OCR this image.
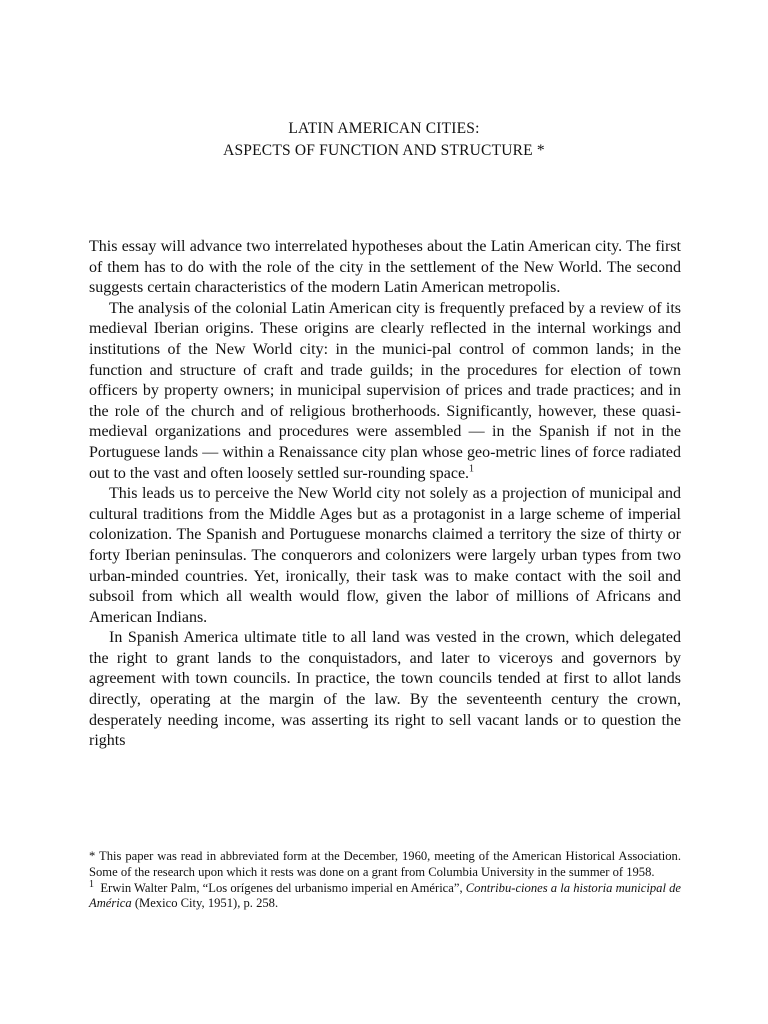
LATIN AMERICAN CITIES:
ASPECTS OF FUNCTION AND STRUCTURE *

This essay will advance two interrelated hypotheses about the Latin American city. The first of them has to do with the role of the city in the settlement of the New World. The second suggests certain characteristics of the modern Latin American metropolis.

The analysis of the colonial Latin American city is frequently prefaced by a review of its medieval Iberian origins. These origins are clearly reflected in the internal workings and institutions of the New World city: in the munici-pal control of common lands; in the function and structure of craft and trade guilds; in the procedures for election of town officers by property owners; in municipal supervision of prices and trade practices; and in the role of the church and of religious brotherhoods. Significantly, however, these quasi-medieval organizations and procedures were assembled — in the Spanish if not in the Portuguese lands — within a Renaissance city plan whose geo-metric lines of force radiated out to the vast and often loosely settled sur-rounding space.$^1$

This leads us to perceive the New World city not solely as a projection of municipal and cultural traditions from the Middle Ages but as a protagonist in a large scheme of imperial colonization. The Spanish and Portuguese monarchs claimed a territory the size of thirty or forty Iberian peninsulas. The conquerors and colonizers were largely urban types from two urban-minded countries. Yet, ironically, their task was to make contact with the soil and subsoil from which all wealth would flow, given the labor of millions of Africans and American Indians.

In Spanish America ultimate title to all land was vested in the crown, which delegated the right to grant lands to the conquistadors, and later to viceroys and governors by agreement with town councils. In practice, the town councils tended at first to allot lands directly, operating at the margin of the law. By the seventeenth century the crown, desperately needing income, was asserting its right to sell vacant lands or to question the rights

* This paper was read in abbreviated form at the December, 1960, meeting of the American Historical Association. Some of the research upon which it rests was done on a grant from Columbia University in the summer of 1958.

$^1$ Erwin Walter Palm, “Los orígenes del urbanismo imperial en América”, Contribu-ciones a la historia municipal de América (Mexico City, 1951), p. 258.
